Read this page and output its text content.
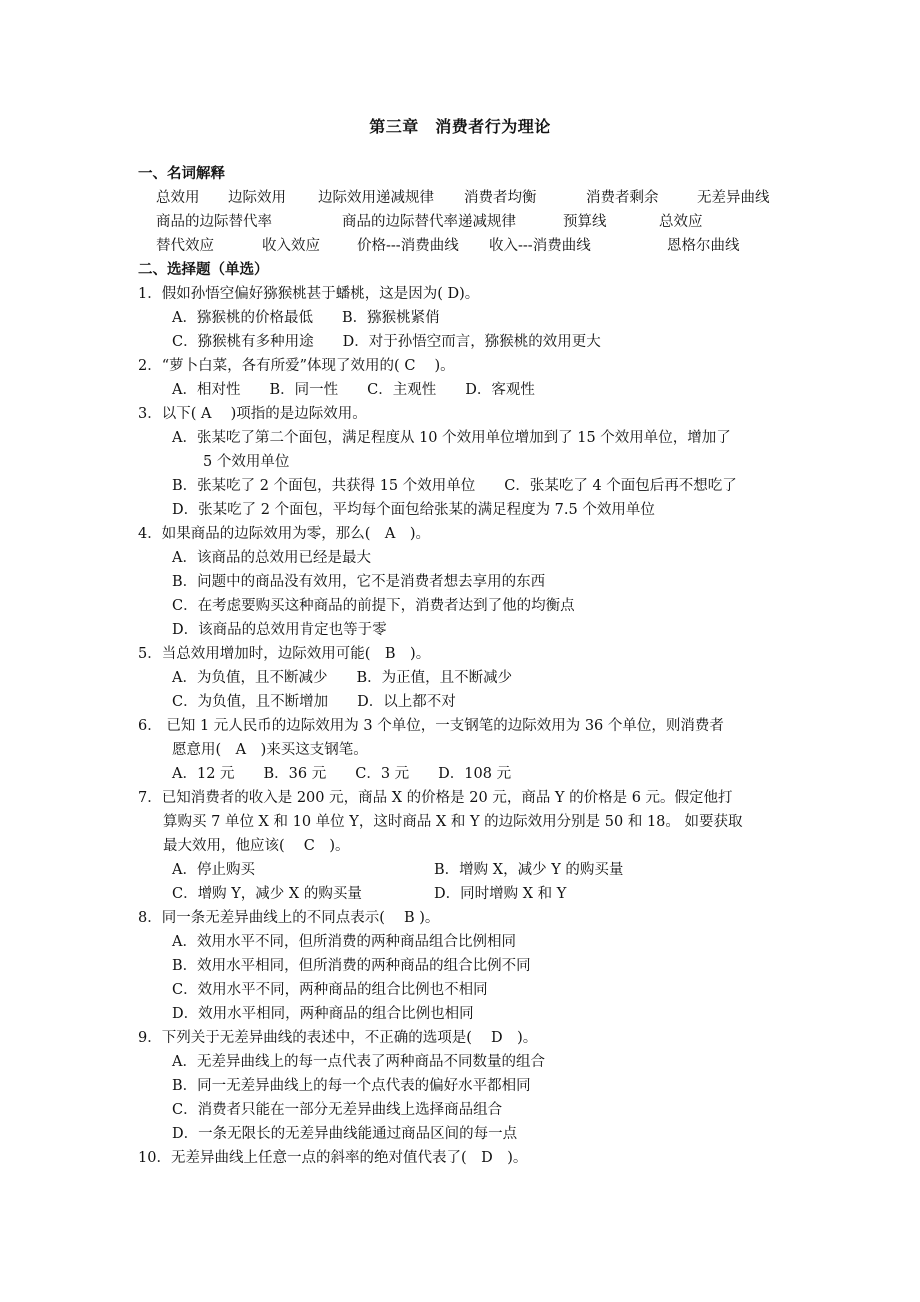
第三章　消费者行为理论
一、名词解释
总效用 边际效用 边际效用递减规律 消费者均衡	消费者剩余	无差异曲线
商品的边际替代率	商品的边际替代率递减规律	预算线	总效应
替代效应	收入效应	价格---消费曲线 收入---消费曲线	恩格尔曲线
二、选择题（单选）
1．假如孙悟空偏好猕猴桃甚于蟠桃，这是因为( D)。
A．猕猴桃的价格最低　　B．猕猴桃紧俏
C．猕猴桃有多种用途　　D．对于孙悟空而言，猕猴桃的效用更大
2．“萝卜白菜，各有所爱”体现了效用的( C　 )。
A．相对性　　B．同一性　　C．主观性　　D．客观性
3．以下( A　 )项指的是边际效用。
A．张某吃了第二个面包，满足程度从 10 个效用单位增加到了 15 个效用单位，增加了
5 个效用单位
B．张某吃了 2 个面包，共获得 15 个效用单位　　C．张某吃了 4 个面包后再不想吃了
D．张某吃了 2 个面包，平均每个面包给张某的满足程度为 7.5 个效用单位
4．如果商品的边际效用为零，那么(　A　)。
A．该商品的总效用已经是最大
B．问题中的商品没有效用，它不是消费者想去享用的东西
C．在考虑要购买这种商品的前提下，消费者达到了他的均衡点
D．该商品的总效用肯定也等于零
5．当总效用增加时，边际效用可能(　B　)。
A．为负值，且不断减少　　B．为正值，且不断减少
C．为负值，且不断增加　　D．以上都不对
6． 已知 1 元人民币的边际效用为 3 个单位，一支钢笔的边际效用为 36 个单位，则消费者
愿意用(　A　)来买这支钢笔。
A．12 元　　B．36 元　　C．3 元　　D．108 元
7．已知消费者的收入是 200 元，商品 X 的价格是 20 元，商品 Y 的价格是 6 元。假定他打
算购买 7 单位 X 和 10 单位 Y，这时商品 X 和 Y 的边际效用分别是 50 和 18。 如要获取
最大效用，他应该(　 C　)。
A．停止购买	B．增购 X，减少 Y 的购买量
C．增购 Y，减少 X 的购买量	D．同时增购 X 和 Y
8．同一条无差异曲线上的不同点表示(　 B )。
A．效用水平不同，但所消费的两种商品组合比例相同
B．效用水平相同，但所消费的两种商品的组合比例不同
C．效用水平不同，两种商品的组合比例也不相同
D．效用水平相同，两种商品的组合比例也相同
9．下列关于无差异曲线的表述中，不正确的选项是(　 D　)。
A．无差异曲线上的每一点代表了两种商品不同数量的组合
B．同一无差异曲线上的每一个点代表的偏好水平都相同
C．消费者只能在一部分无差异曲线上选择商品组合
D．一条无限长的无差异曲线能通过商品区间的每一点
10．无差异曲线上任意一点的斜率的绝对值代表了(　D　)。
